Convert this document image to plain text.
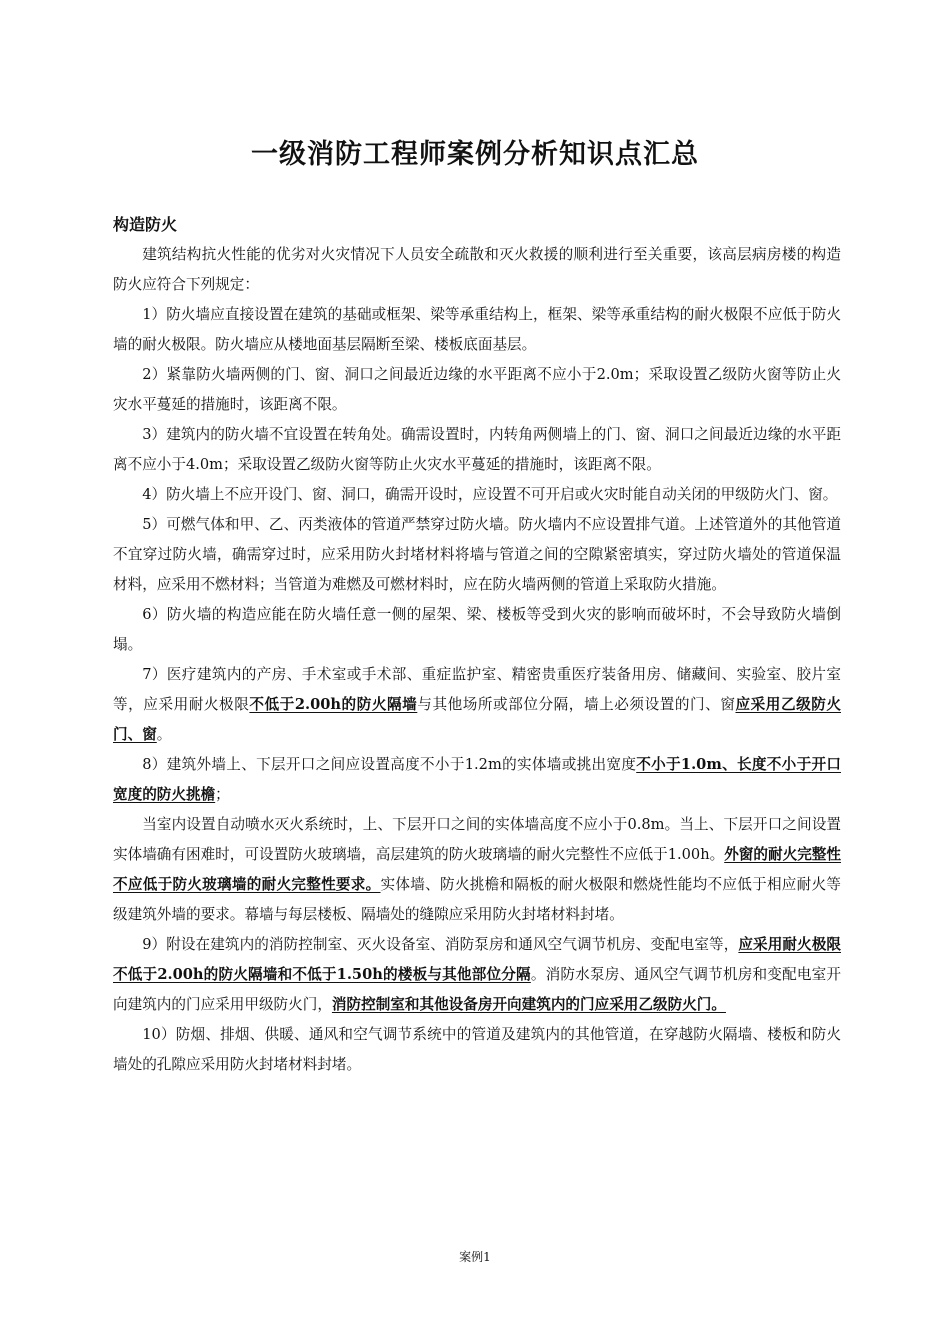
一级消防工程师案例分析知识点汇总
构造防火

建筑结构抗火性能的优劣对火灾情况下人员安全疏散和灭火救援的顺利进行至关重要，该高层病房楼的构造防火应符合下列规定：

1）防火墙应直接设置在建筑的基础或框架、梁等承重结构上，框架、梁等承重结构的耐火极限不应低于防火墙的耐火极限。防火墙应从楼地面基层隔断至梁、楼板底面基层。

2）紧靠防火墙两侧的门、窗、洞口之间最近边缘的水平距离不应小于2.0m；采取设置乙级防火窗等防止火灾水平蔓延的措施时，该距离不限。

3）建筑内的防火墙不宜设置在转角处。确需设置时，内转角两侧墙上的门、窗、洞口之间最近边缘的水平距离不应小于4.0m；采取设置乙级防火窗等防止火灾水平蔓延的措施时，该距离不限。

4）防火墙上不应开设门、窗、洞口，确需开设时，应设置不可开启或火灾时能自动关闭的甲级防火门、窗。

5）可燃气体和甲、乙、丙类液体的管道严禁穿过防火墙。防火墙内不应设置排气道。上述管道外的其他管道不宜穿过防火墙，确需穿过时，应采用防火封堵材料将墙与管道之间的空隙紧密填实，穿过防火墙处的管道保温材料，应采用不燃材料；当管道为难燃及可燃材料时，应在防火墙两侧的管道上采取防火措施。

6）防火墙的构造应能在防火墙任意一侧的屋架、梁、楼板等受到火灾的影响而破坏时，不会导致防火墙倒塌。

7）医疗建筑内的产房、手术室或手术部、重症监护室、精密贵重医疗装备用房、储藏间、实验室、胶片室等，应采用耐火极限不低于2.00h的防火隔墙与其他场所或部位分隔，墙上必须设置的门、窗应采用乙级防火门、窗。

8）建筑外墙上、下层开口之间应设置高度不小于1.2m的实体墙或挑出宽度不小于1.0m、长度不小于开口宽度的防火挑檐；

当室内设置自动喷水灭火系统时，上、下层开口之间的实体墙高度不应小于0.8m。当上、下层开口之间设置实体墙确有困难时，可设置防火玻璃墙，高层建筑的防火玻璃墙的耐火完整性不应低于1.00h。外窗的耐火完整性不应低于防火玻璃墙的耐火完整性要求。实体墙、防火挑檐和隔板的耐火极限和燃烧性能均不应低于相应耐火等级建筑外墙的要求。幕墙与每层楼板、隔墙处的缝隙应采用防火封堵材料封堵。

9）附设在建筑内的消防控制室、灭火设备室、消防泵房和通风空气调节机房、变配电室等，应采用耐火极限不低于2.00h的防火隔墙和不低于1.50h的楼板与其他部位分隔。消防水泵房、通风空气调节机房和变配电室开向建筑内的门应采用甲级防火门，消防控制室和其他设备房开向建筑内的门应采用乙级防火门。

10）防烟、排烟、供暖、通风和空气调节系统中的管道及建筑内的其他管道，在穿越防火隔墙、楼板和防火墙处的孔隙应采用防火封堵材料封堵。

案例1
